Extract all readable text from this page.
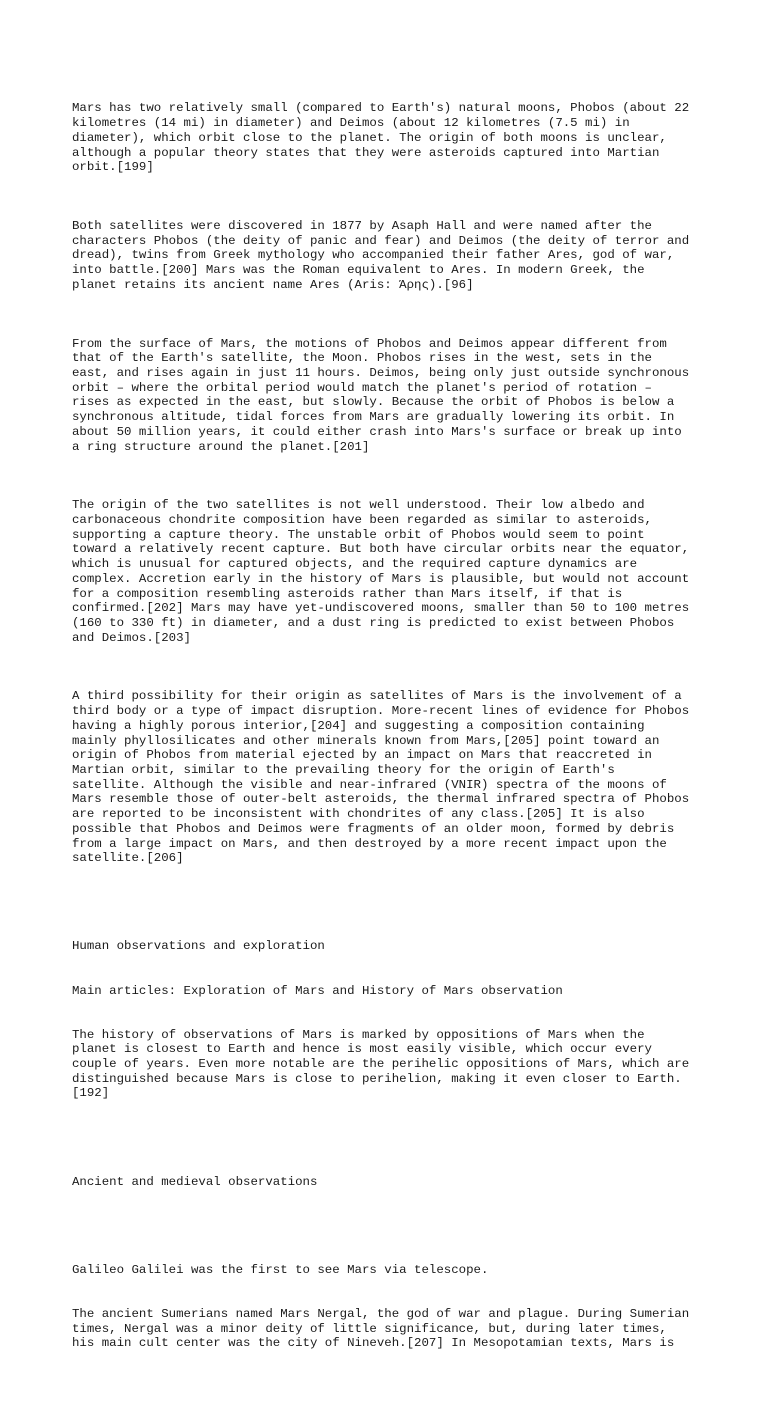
Mars has two relatively small (compared to Earth's) natural moons, Phobos (about 22
kilometres (14 mi) in diameter) and Deimos (about 12 kilometres (7.5 mi) in
diameter), which orbit close to the planet. The origin of both moons is unclear,
although a popular theory states that they were asteroids captured into Martian
orbit.[199]

Both satellites were discovered in 1877 by Asaph Hall and were named after the
characters Phobos (the deity of panic and fear) and Deimos (the deity of terror and
dread), twins from Greek mythology who accompanied their father Ares, god of war,
into battle.[200] Mars was the Roman equivalent to Ares. In modern Greek, the
planet retains its ancient name Ares (Aris: Άρης).[96]

From the surface of Mars, the motions of Phobos and Deimos appear different from
that of the Earth's satellite, the Moon. Phobos rises in the west, sets in the
east, and rises again in just 11 hours. Deimos, being only just outside synchronous
orbit – where the orbital period would match the planet's period of rotation –
rises as expected in the east, but slowly. Because the orbit of Phobos is below a
synchronous altitude, tidal forces from Mars are gradually lowering its orbit. In
about 50 million years, it could either crash into Mars's surface or break up into
a ring structure around the planet.[201]

The origin of the two satellites is not well understood. Their low albedo and
carbonaceous chondrite composition have been regarded as similar to asteroids,
supporting a capture theory. The unstable orbit of Phobos would seem to point
toward a relatively recent capture. But both have circular orbits near the equator,
which is unusual for captured objects, and the required capture dynamics are
complex. Accretion early in the history of Mars is plausible, but would not account
for a composition resembling asteroids rather than Mars itself, if that is
confirmed.[202] Mars may have yet-undiscovered moons, smaller than 50 to 100 metres
(160 to 330 ft) in diameter, and a dust ring is predicted to exist between Phobos
and Deimos.[203]

A third possibility for their origin as satellites of Mars is the involvement of a
third body or a type of impact disruption. More-recent lines of evidence for Phobos
having a highly porous interior,[204] and suggesting a composition containing
mainly phyllosilicates and other minerals known from Mars,[205] point toward an
origin of Phobos from material ejected by an impact on Mars that reaccreted in
Martian orbit, similar to the prevailing theory for the origin of Earth's
satellite. Although the visible and near-infrared (VNIR) spectra of the moons of
Mars resemble those of outer-belt asteroids, the thermal infrared spectra of Phobos
are reported to be inconsistent with chondrites of any class.[205] It is also
possible that Phobos and Deimos were fragments of an older moon, formed by debris
from a large impact on Mars, and then destroyed by a more recent impact upon the
satellite.[206]

Human observations and exploration

Main articles: Exploration of Mars and History of Mars observation

The history of observations of Mars is marked by oppositions of Mars when the
planet is closest to Earth and hence is most easily visible, which occur every
couple of years. Even more notable are the perihelic oppositions of Mars, which are
distinguished because Mars is close to perihelion, making it even closer to Earth.
[192]

Ancient and medieval observations

Galileo Galilei was the first to see Mars via telescope.

The ancient Sumerians named Mars Nergal, the god of war and plague. During Sumerian
times, Nergal was a minor deity of little significance, but, during later times,
his main cult center was the city of Nineveh.[207] In Mesopotamian texts, Mars is
